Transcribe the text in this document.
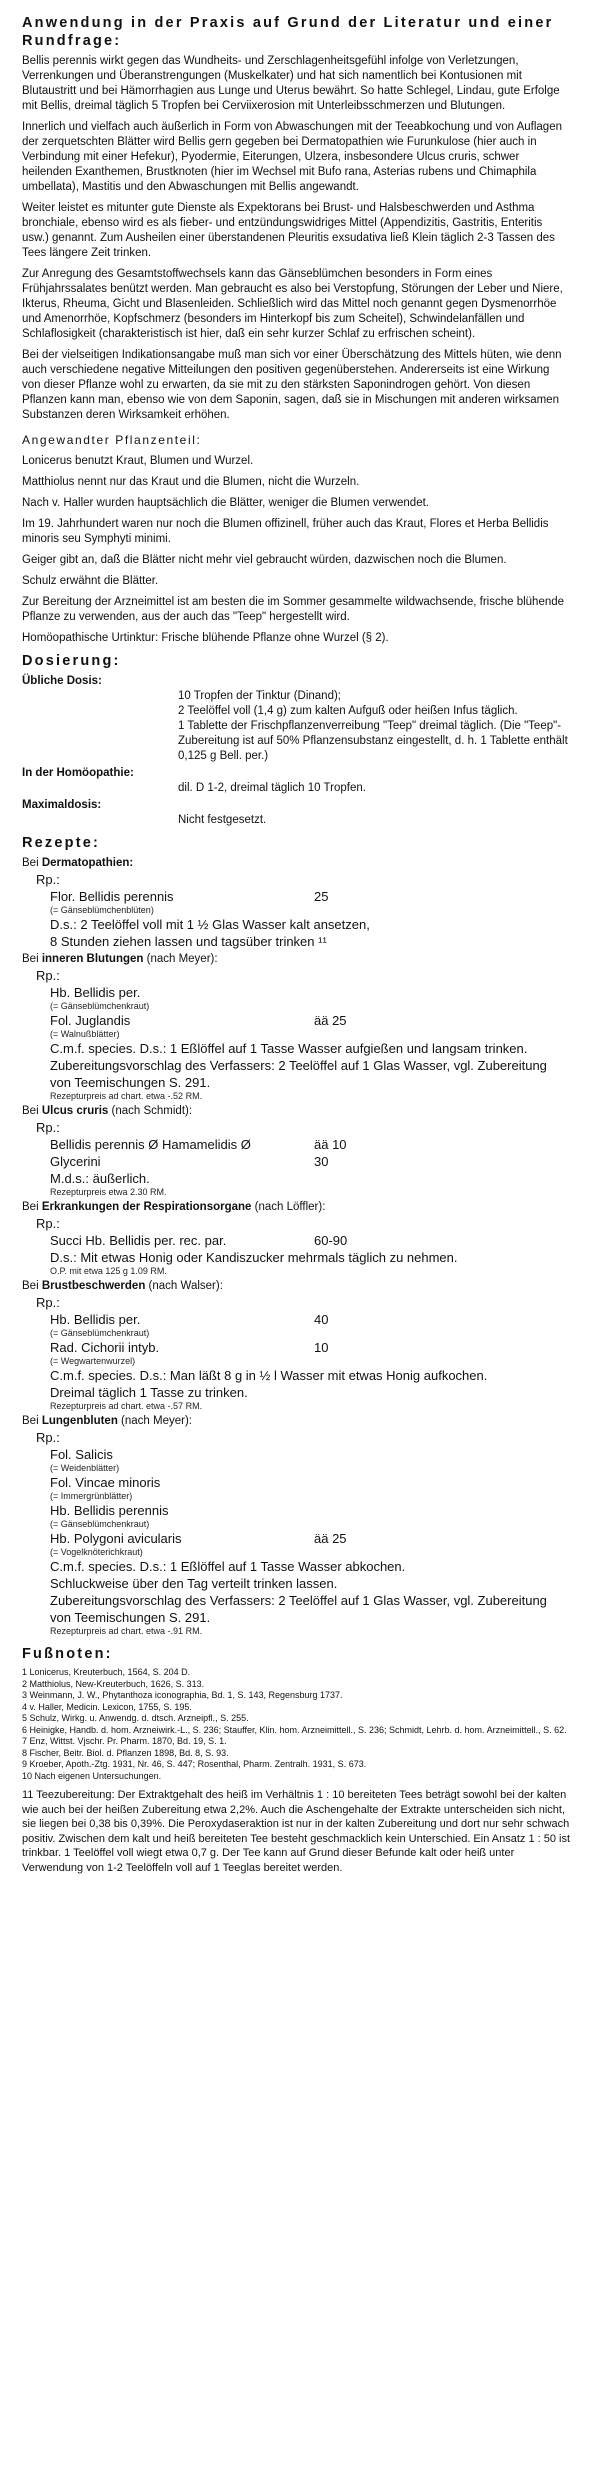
Anwendung in der Praxis auf Grund der Literatur und einer Rundfrage:

Bellis perennis wirkt gegen das Wundheits- und Zerschlagenheitsgefühl infolge von Verletzungen, Verrenkungen und Überanstrengungen (Muskelkater) und hat sich namentlich bei Kontusionen mit Blutaustritt und bei Hämorrhagien aus Lunge und Uterus bewährt. So hatte Schlegel, Lindau, gute Erfolge mit Bellis, dreimal täglich 5 Tropfen bei Cerviixerosion mit Unterleibsschmerzen und Blutungen.

Innerlich und vielfach auch äußerlich in Form von Abwaschungen mit der Teeabkochung und von Auflagen der zerquetschten Blätter wird Bellis gern gegeben bei Dermatopathien wie Furunkulose (hier auch in Verbindung mit einer Hefekur), Pyodermie, Eiterungen, Ulzera, insbesondere Ulcus cruris, schwer heilenden Exanthemen, Brustknoten (hier im Wechsel mit Bufo rana, Asterias rubens und Chimaphila umbellata), Mastitis und den Abwaschungen mit Bellis angewandt.

Weiter leistet es mitunter gute Dienste als Expektorans bei Brust- und Halsbeschwerden und Asthma bronchiale, ebenso wird es als fieber- und entzündungswidriges Mittel (Appendizitis, Gastritis, Enteritis usw.) genannt. Zum Ausheilen einer überstandenen Pleuritis exsudativa ließ Klein täglich 2-3 Tassen des Tees längere Zeit trinken.

Zur Anregung des Gesamtstoffwechsels kann das Gänseblümchen besonders in Form eines Frühjahrssalates benützt werden. Man gebraucht es also bei Verstopfung, Störungen der Leber und Niere, Ikterus, Rheuma, Gicht und Blasenleiden. Schließlich wird das Mittel noch genannt gegen Dysmenorrhöe und Amenorrhöe, Kopfschmerz (besonders im Hinterkopf bis zum Scheitel), Schwindelanfällen und Schlaflosigkeit (charakteristisch ist hier, daß ein sehr kurzer Schlaf zu erfrischen scheint).

Bei der vielseitigen Indikationsangabe muß man sich vor einer Überschätzung des Mittels hüten, wie denn auch verschiedene negative Mitteilungen den positiven gegenüberstehen. Andererseits ist eine Wirkung von dieser Pflanze wohl zu erwarten, da sie mit zu den stärksten Saponindrogen gehört. Von diesen Pflanzen kann man, ebenso wie von dem Saponin, sagen, daß sie in Mischungen mit anderen wirksamen Substanzen deren Wirksamkeit erhöhen.

Angewandter Pflanzenteil:

Lonicerus benutzt Kraut, Blumen und Wurzel.

Matthiolus nennt nur das Kraut und die Blumen, nicht die Wurzeln.

Nach v. Haller wurden hauptsächlich die Blätter, weniger die Blumen verwendet.

Im 19. Jahrhundert waren nur noch die Blumen offizinell, früher auch das Kraut, Flores et Herba Bellidis minoris seu Symphyti minimi.

Geiger gibt an, daß die Blätter nicht mehr viel gebraucht würden, dazwischen noch die Blumen.

Schulz erwähnt die Blätter.

Zur Bereitung der Arzneimittel ist am besten die im Sommer gesammelte wildwachsende, frische blühende Pflanze zu verwenden, aus der auch das "Teep" hergestellt wird.

Homöopathische Urtinktur: Frische blühende Pflanze ohne Wurzel (§ 2).

Dosierung:
Übliche Dosis:
10 Tropfen der Tinktur (Dinand);
2 Teelöffel voll (1,4 g) zum kalten Aufguß oder heißen Infus täglich.
1 Tablette der Frischpflanzenverreibung "Teep" dreimal täglich. (Die "Teep"-Zubereitung ist auf 50% Pflanzensubstanz eingestellt, d. h. 1 Tablette enthält 0,125 g Bell. per.)
In der Homöopathie:
dil. D 1-2, dreimal täglich 10 Tropfen.
Maximaldosis:
Nicht festgesetzt.
Rezepte:
Bei Dermatopathien:
Rp.:
Flor. Bellidis perennis	25
(= Gänseblümchenblüten)
D.s.: 2 Teelöffel voll mit 1 ½ Glas Wasser kalt ansetzen,
8 Stunden ziehen lassen und tagsüber trinken ¹¹
Bei inneren Blutungen (nach Meyer):
Rp.:
Hb. Bellidis per.
(= Gänseblümchenkraut)
Fol. Juglandis	ää 25
(= Walnußblätter)
C.m.f. species. D.s.: 1 Eßlöffel auf 1 Tasse Wasser aufgießen und langsam trinken.
Zubereitungsvorschlag des Verfassers: 2 Teelöffel auf 1 Glas Wasser, vgl. Zubereitung von Teemischungen S. 291.
Rezepturpreis ad chart. etwa -.52 RM.
Bei Ulcus cruris (nach Schmidt):
Rp.:
Bellidis perennis Ø Hamamelidis Ø	ää 10
Glycerini	30
M.d.s.: äußerlich.
Rezepturpreis etwa 2.30 RM.
Bei Erkrankungen der Respirationsorgane (nach Löffler):
Rp.:
Succi Hb. Bellidis per. rec. par.	60-90
D.s.: Mit etwas Honig oder Kandiszucker mehrmals täglich zu nehmen.
O.P. mit etwa 125 g 1.09 RM.
Bei Brustbeschwerden (nach Walser):
Rp.:
Hb. Bellidis per.	40
(= Gänseblümchenkraut)
Rad. Cichorii intyb.	10
(= Wegwartenwurzel)
C.m.f. species. D.s.: Man läßt 8 g in ½ l Wasser mit etwas Honig aufkochen.
Dreimal täglich 1 Tasse zu trinken.
Rezepturpreis ad chart. etwa -.57 RM.
Bei Lungenbluten (nach Meyer):
Rp.:
Fol. Salicis
(= Weidenblätter)
Fol. Vincae minoris
(= Immergrünblätter)
Hb. Bellidis perennis
(= Gänseblümchenkraut)
Hb. Polygoni avicularis	ää 25
(= Vogelknöterichkraut)
C.m.f. species. D.s.: 1 Eßlöffel auf 1 Tasse Wasser abkochen.
Schluckweise über den Tag verteilt trinken lassen.
Zubereitungsvorschlag des Verfassers: 2 Teelöffel auf 1 Glas Wasser, vgl. Zubereitung von Teemischungen S. 291.
Rezepturpreis ad chart. etwa -.91 RM.
Fußnoten:
1 Lonicerus, Kreuterbuch, 1564, S. 204 D.
2 Matthiolus, New-Kreuterbuch, 1626, S. 313.
3 Weinmann, J. W., Phytanthoza iconographia, Bd. 1, S. 143, Regensburg 1737.
4 v. Haller, Medicin. Lexicon, 1755, S. 195.
5 Schulz, Wirkg. u. Anwendg. d. dtsch. Arzneipfl., S. 255.
6 Heinigke, Handb. d. hom. Arzneiwirk.-L., S. 236; Stauffer, Klin. hom. Arzneimittell., S. 236; Schmidt, Lehrb. d. hom. Arzneimittell., S. 62.
7 Enz, Wittst. Vjschr. Pr. Pharm. 1870, Bd. 19, S. 1.
8 Fischer, Beitr. Biol. d. Pflanzen 1898, Bd. 8, S. 93.
9 Kroeber, Apoth.-Ztg. 1931, Nr. 46, S. 447; Rosenthal, Pharm. Zentralh. 1931, S. 673.
10 Nach eigenen Untersuchungen.
11 Teezubereitung: Der Extraktgehalt des heiß im Verhältnis 1 : 10 bereiteten Tees beträgt sowohl bei der kalten wie auch bei der heißen Zubereitung etwa 2,2%. Auch die Aschengehalte der Extrakte unterscheiden sich nicht, sie liegen bei 0,38 bis 0,39%. Die Peroxydaseraktion ist nur in der kalten Zubereitung und dort nur sehr schwach positiv. Zwischen dem kalt und heiß bereiteten Tee besteht geschmacklich kein Unterschied. Ein Ansatz 1 : 50 ist trinkbar. 1 Teelöffel voll wiegt etwa 0,7 g. Der Tee kann auf Grund dieser Befunde kalt oder heiß unter Verwendung von 1-2 Teelöffeln voll auf 1 Teeglas bereitet werden.
